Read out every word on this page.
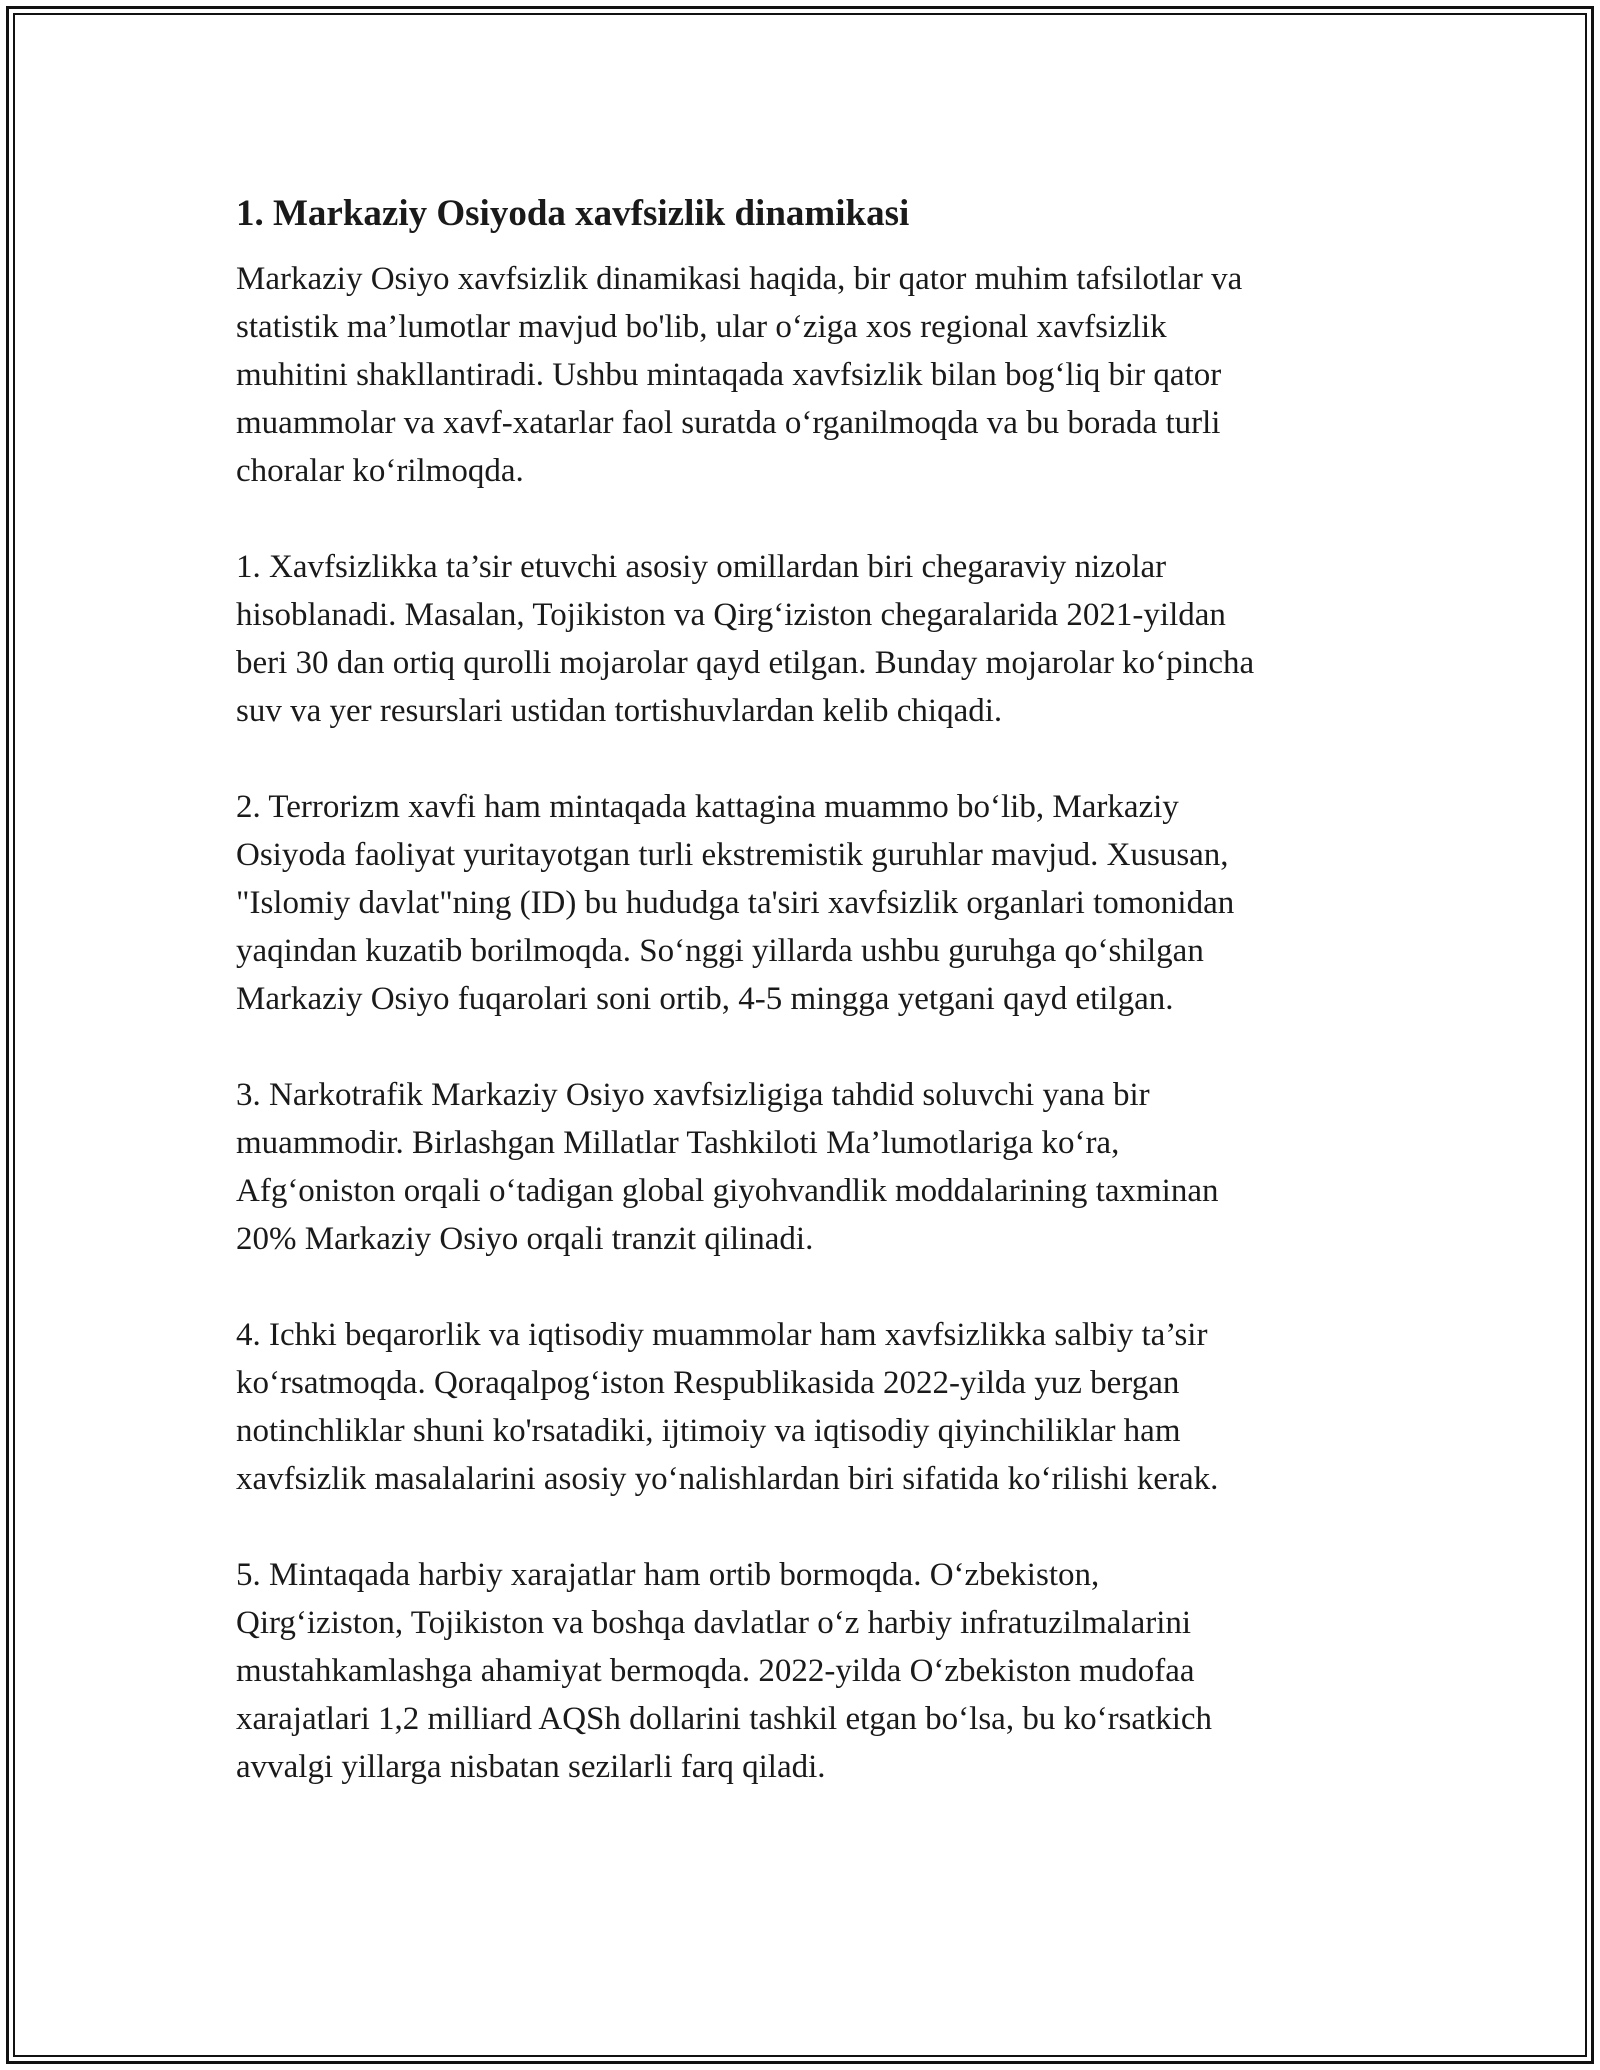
1. Markaziy Osiyoda xavfsizlik dinamikasi

Markaziy Osiyo xavfsizlik dinamikasi haqida, bir qator muhim tafsilotlar va
statistik ma’lumotlar mavjud bo'lib, ular o‘ziga xos regional xavfsizlik
muhitini shakllantiradi. Ushbu mintaqada xavfsizlik bilan bog‘liq bir qator
muammolar va xavf-xatarlar faol suratda o‘rganilmoqda va bu borada turli
choralar ko‘rilmoqda.

1. Xavfsizlikka ta’sir etuvchi asosiy omillardan biri chegaraviy nizolar
hisoblanadi. Masalan, Tojikiston va Qirg‘iziston chegaralarida 2021-yildan
beri 30 dan ortiq qurolli mojarolar qayd etilgan. Bunday mojarolar ko‘pincha
suv va yer resurslari ustidan tortishuvlardan kelib chiqadi.

2. Terrorizm xavfi ham mintaqada kattagina muammo bo‘lib, Markaziy
Osiyoda faoliyat yuritayotgan turli ekstremistik guruhlar mavjud. Xususan,
"Islomiy davlat"ning (ID) bu hududga ta'siri xavfsizlik organlari tomonidan
yaqindan kuzatib borilmoqda. So‘nggi yillarda ushbu guruhga qo‘shilgan
Markaziy Osiyo fuqarolari soni ortib, 4-5 mingga yetgani qayd etilgan.

3. Narkotrafik Markaziy Osiyo xavfsizligiga tahdid soluvchi yana bir
muammodir. Birlashgan Millatlar Tashkiloti Ma’lumotlariga ko‘ra,
Afg‘oniston orqali o‘tadigan global giyohvandlik moddalarining taxminan
20% Markaziy Osiyo orqali tranzit qilinadi.

4. Ichki beqarorlik va iqtisodiy muammolar ham xavfsizlikka salbiy ta’sir
ko‘rsatmoqda. Qoraqalpog‘iston Respublikasida 2022-yilda yuz bergan
notinchliklar shuni ko'rsatadiki, ijtimoiy va iqtisodiy qiyinchiliklar ham
xavfsizlik masalalarini asosiy yo‘nalishlardan biri sifatida ko‘rilishi kerak.

5. Mintaqada harbiy xarajatlar ham ortib bormoqda. O‘zbekiston,
Qirg‘iziston, Tojikiston va boshqa davlatlar o‘z harbiy infratuzilmalarini
mustahkamlashga ahamiyat bermoqda. 2022-yilda O‘zbekiston mudofaa
xarajatlari 1,2 milliard AQSh dollarini tashkil etgan bo‘lsa, bu ko‘rsatkich
avvalgi yillarga nisbatan sezilarli farq qiladi.
